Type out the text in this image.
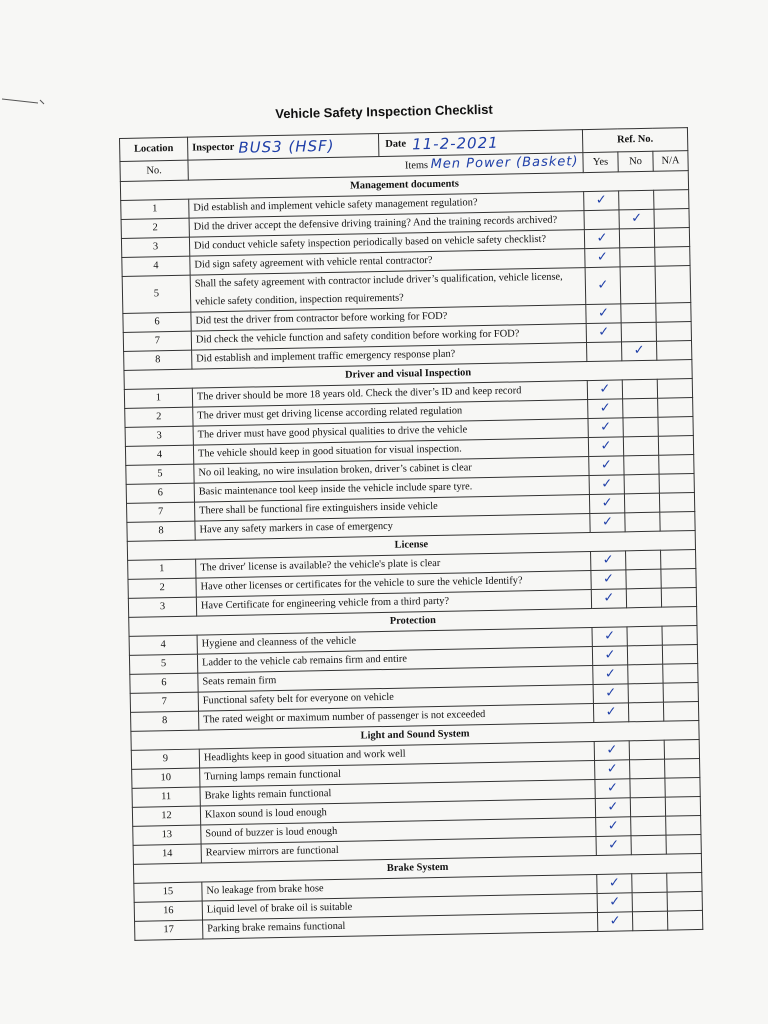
Vehicle Safety Inspection Checklist
Location	Inspector BUS3 (HSF) Date 11-2-2021	Ref. No.		
No.	Items Men Power (Basket)	Yes	No	N/A
Management documents				
1	Did establish and implement vehicle safety management regulation?	✓		
2	Did the driver accept the defensive driving training? And the training records archived?		✓	
3	Did conduct vehicle safety inspection periodically based on vehicle safety checklist?	✓		
4	Did sign safety agreement with vehicle rental contractor?	✓		
5	Shall the safety agreement with contractor include driver’s qualification, vehicle license, vehicle safety condition, inspection requirements?	✓		
6	Did test the driver from contractor before working for FOD?	✓		
7	Did check the vehicle function and safety condition before working for FOD?	✓		
8	Did establish and implement traffic emergency response plan?		✓	
Driver and visual Inspection				
1	The driver should be more 18 years old. Check the diver’s ID and keep record	✓		
2	The driver must get driving license according related regulation	✓		
3	The driver must have good physical qualities to drive the vehicle	✓		
4	The vehicle should keep in good situation for visual inspection.	✓		
5	No oil leaking, no wire insulation broken, driver’s cabinet is clear	✓		
6	Basic maintenance tool keep inside the vehicle include spare tyre.	✓		
7	There shall be functional fire extinguishers inside vehicle	✓		
8	Have any safety markers in case of emergency	✓		
License				
1	The driver' license is available? the vehicle's plate is clear	✓		
2	Have other licenses or certificates for the vehicle to sure the vehicle Identify?	✓		
3	Have Certificate for engineering vehicle from a third party?	✓		
Protection				
4	Hygiene and cleanness of the vehicle	✓		
5	Ladder to the vehicle cab remains firm and entire	✓		
6	Seats remain firm	✓		
7	Functional safety belt for everyone on vehicle	✓		
8	The rated weight or maximum number of passenger is not exceeded	✓		
Light and Sound System				
9	Headlights keep in good situation and work well	✓		
10	Turning lamps remain functional	✓		
11	Brake lights remain functional	✓		
12	Klaxon sound is loud enough	✓		
13	Sound of buzzer is loud enough	✓		
14	Rearview mirrors are functional	✓		
Brake System				
15	No leakage from brake hose	✓		
16	Liquid level of brake oil is suitable	✓		
17	Parking brake remains functional	✓		
